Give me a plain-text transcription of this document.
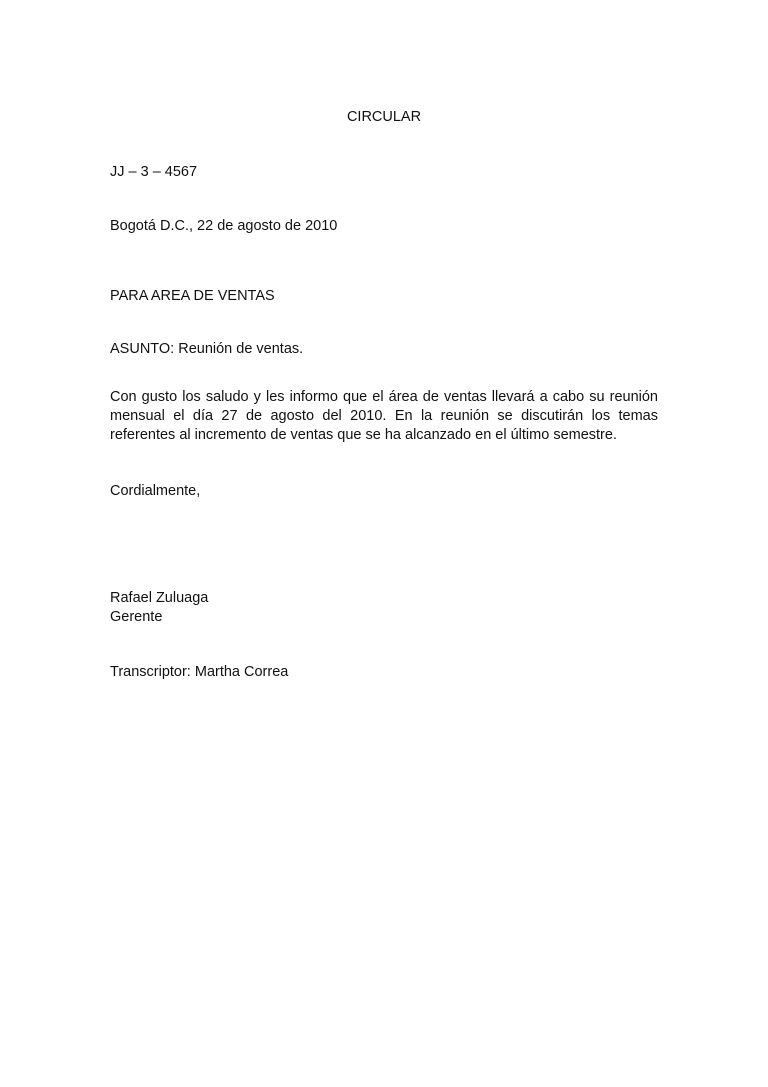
CIRCULAR
JJ – 3 – 4567
Bogotá D.C., 22 de agosto de 2010
PARA AREA DE VENTAS
ASUNTO: Reunión de ventas.
Con gusto los saludo y les informo que el área de ventas llevará a cabo su reunión mensual el día 27 de agosto del 2010. En la reunión se discutirán los temas referentes al incremento de ventas que se ha alcanzado en el último semestre.
Cordialmente,
Rafael Zuluaga
Gerente
Transcriptor: Martha Correa
